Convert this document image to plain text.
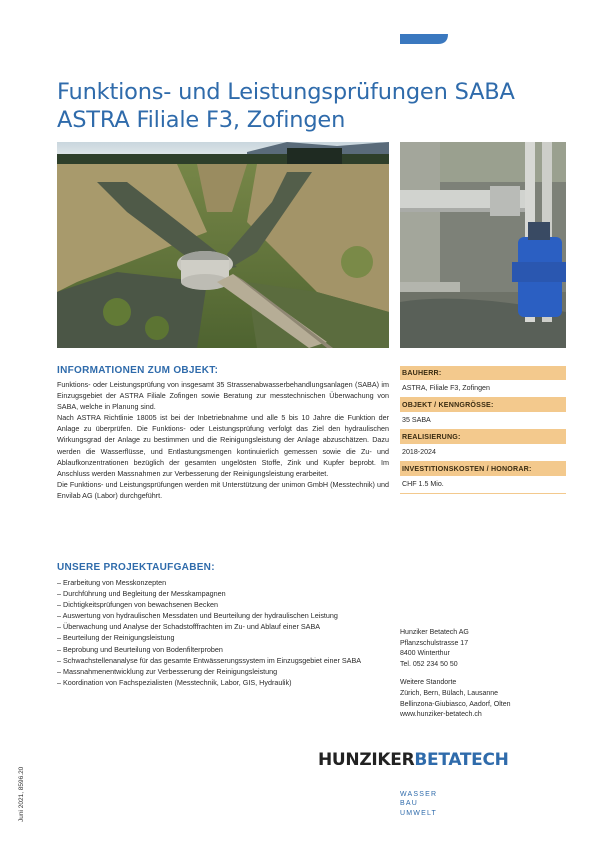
Funktions- und Leistungsprüfungen SABA
ASTRA Filiale F3, Zofingen
INFORMATIONEN ZUM OBJEKT:

Funktions- oder Leistungsprüfung von insgesamt 35 Strassenabwasserbehandlungsanlagen (SABA) im Einzugsgebiet der ASTRA Filiale Zofingen sowie Beratung zur messtechnischen Überwachung von SABA, welche in Planung sind.

Nach ASTRA Richtlinie 18005 ist bei der Inbetriebnahme und alle 5 bis 10 Jahre die Funktion der Anlage zu überprüfen. Die Funktions- oder Leistungsprüfung verfolgt das Ziel den hydraulischen Wirkungsgrad der Anlage zu bestimmen und die Reinigungsleistung der Anlage abzuschätzen. Dazu werden die Wasserflüsse, und Entlastungsmengen kontinuierlich gemessen sowie die Zu- und Ablaufkonzentrationen bezüglich der gesamten ungelösten Stoffe, Zink und Kupfer beprobt. Im Anschluss werden Massnahmen zur Verbesserung der Reinigungsleistung erarbeitet.

Die Funktions- und Leistungsprüfungen werden mit Unterstützung der unimon GmbH (Messtechnik) und Envilab AG (Labor) durchgeführt.

UNSERE PROJEKTAUFGABEN:
– Erarbeitung von Messkonzepten
– Durchführung und Begleitung der Messkampagnen
– Dichtigkeitsprüfungen von bewachsenen Becken
– Auswertung von hydraulischen Messdaten und Beurteilung der hydraulischen Leistung
– Überwachung und Analyse der Schadstofffrachten im Zu- und Ablauf einer SABA
– Beurteilung der Reinigungsleistung
– Beprobung und Beurteilung von Bodenfilterproben
– Schwachstellenanalyse für das gesamte Entwässerungssystem im Einzugsgebiet einer SABA
– Massnahmenentwicklung zur Verbesserung der Reinigungsleistung
– Koordination von Fachspezialisten (Messtechnik, Labor, GIS, Hydraulik)
BAUHERR:
ASTRA, Filiale F3, Zofingen
OBJEKT / KENNGRÖSSE:
35 SABA
REALISIERUNG:
2018-2024
INVESTITIONSKOSTEN / HONORAR:
CHF 1.5 Mio.
Hunziker Betatech AG
Pflanzschulstrasse 17
8400 Winterthur
Tel. 052 234 50 50
Weitere Standorte
Zürich, Bern, Bülach, Lausanne
Bellinzona-Giubiasco, Aadorf, Olten
www.hunziker-betatech.ch
HUNZIKERBETATECH
WASSER
BAU
UMWELT
Juni 2021, 8596.20
